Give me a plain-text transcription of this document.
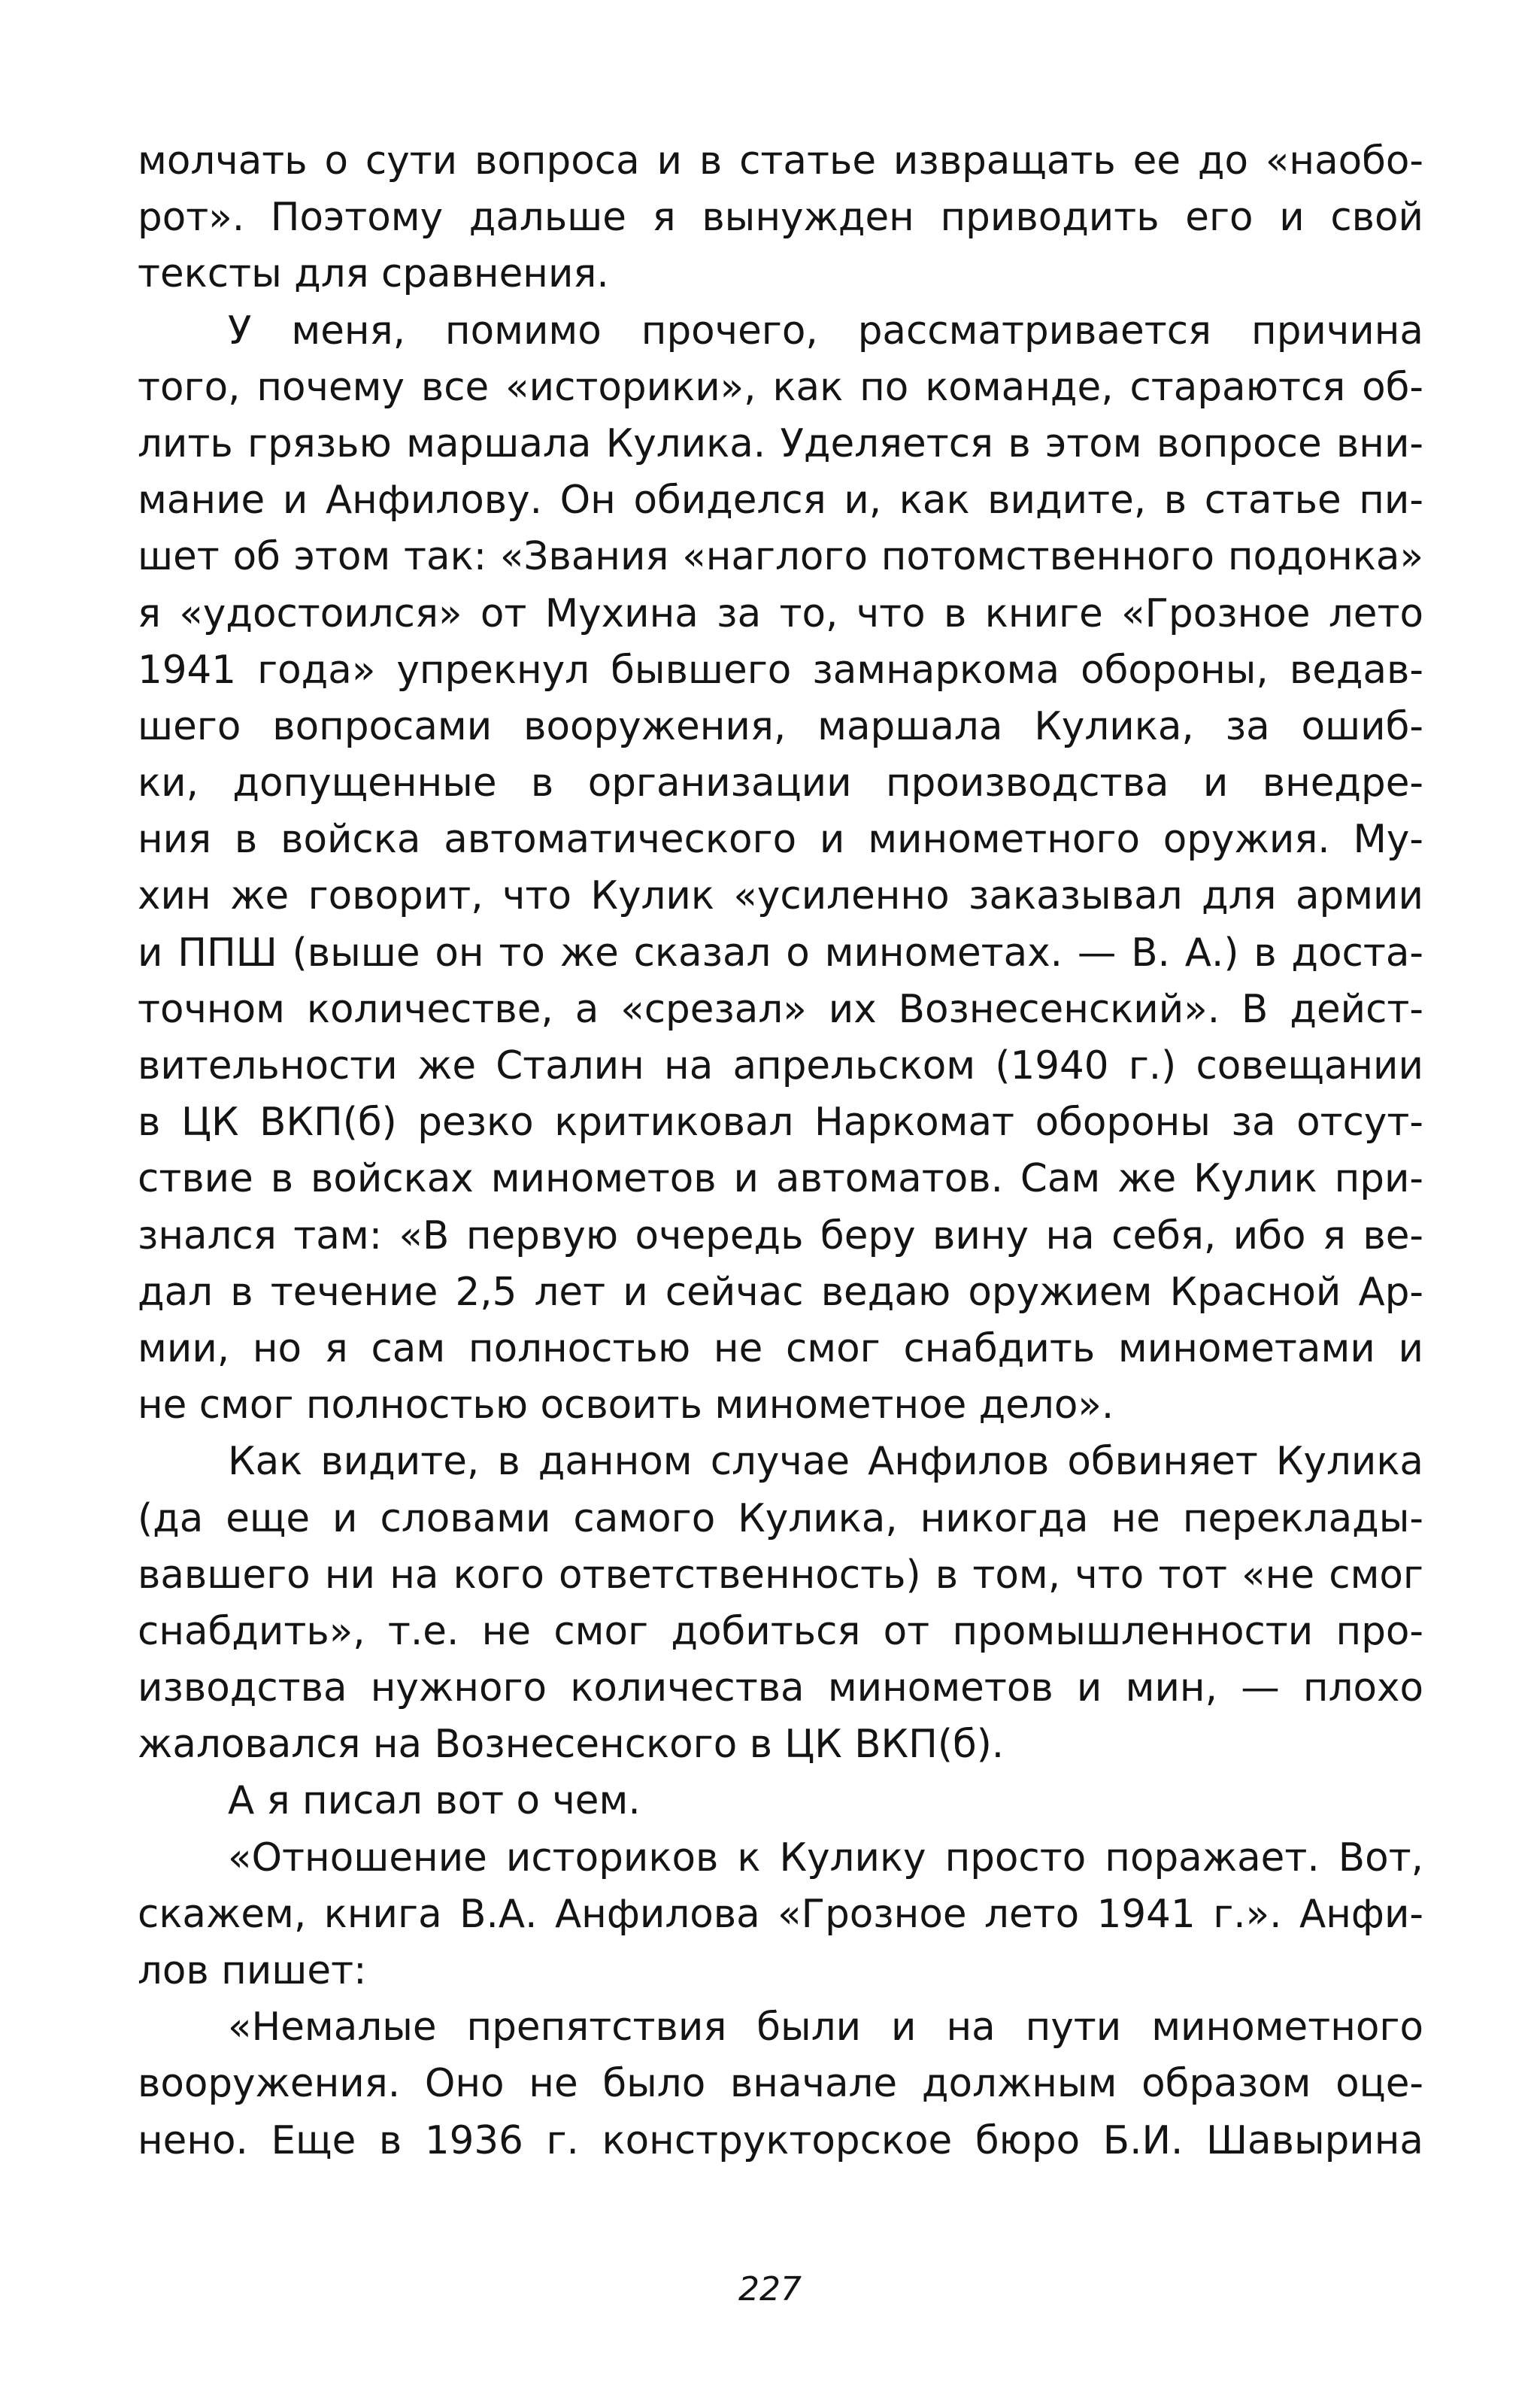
молчать о сути вопроса и в статье извращать ее до «наобо-
рот». Поэтому дальше я вынужден приводить его и свой
тексты для сравнения.
У меня, помимо прочего, рассматривается причина
того, почему все «историки», как по команде, стараются об-
лить грязью маршала Кулика. Уделяется в этом вопросе вни-
мание и Анфилову. Он обиделся и, как видите, в статье пи-
шет об этом так: «Звания «наглого потомственного подонка»
я «удостоился» от Мухина за то, что в книге «Грозное лето
1941 года» упрекнул бывшего замнаркома обороны, ведав-
шего вопросами вооружения, маршала Кулика, за ошиб-
ки, допущенные в организации производства и внедре-
ния в войска автоматического и минометного оружия. Му-
хин же говорит, что Кулик «усиленно заказывал для армии
и ППШ (выше он то же сказал о минометах. — В. А.) в доста-
точном количестве, а «срезал» их Вознесенский». В дейст-
вительности же Сталин на апрельском (1940 г.) совещании
в ЦК ВКП(б) резко критиковал Наркомат обороны за отсут-
ствие в войсках минометов и автоматов. Сам же Кулик при-
знался там: «В первую очередь беру вину на себя, ибо я ве-
дал в течение 2,5 лет и сейчас ведаю оружием Красной Ар-
мии, но я сам полностью не смог снабдить минометами и
не смог полностью освоить минометное дело».
Как видите, в данном случае Анфилов обвиняет Кулика
(да еще и словами самого Кулика, никогда не переклады-
вавшего ни на кого ответственность) в том, что тот «не смог
снабдить», т.е. не смог добиться от промышленности про-
изводства нужного количества минометов и мин, — плохо
жаловался на Вознесенского в ЦК ВКП(б).
А я писал вот о чем.
«Отношение историков к Кулику просто поражает. Вот,
скажем, книга В.А. Анфилова «Грозное лето 1941 г.». Анфи-
лов пишет:
«Немалые препятствия были и на пути минометного
вооружения. Оно не было вначале должным образом оце-
нено. Еще в 1936 г. конструкторское бюро Б.И. Шавырина
227
